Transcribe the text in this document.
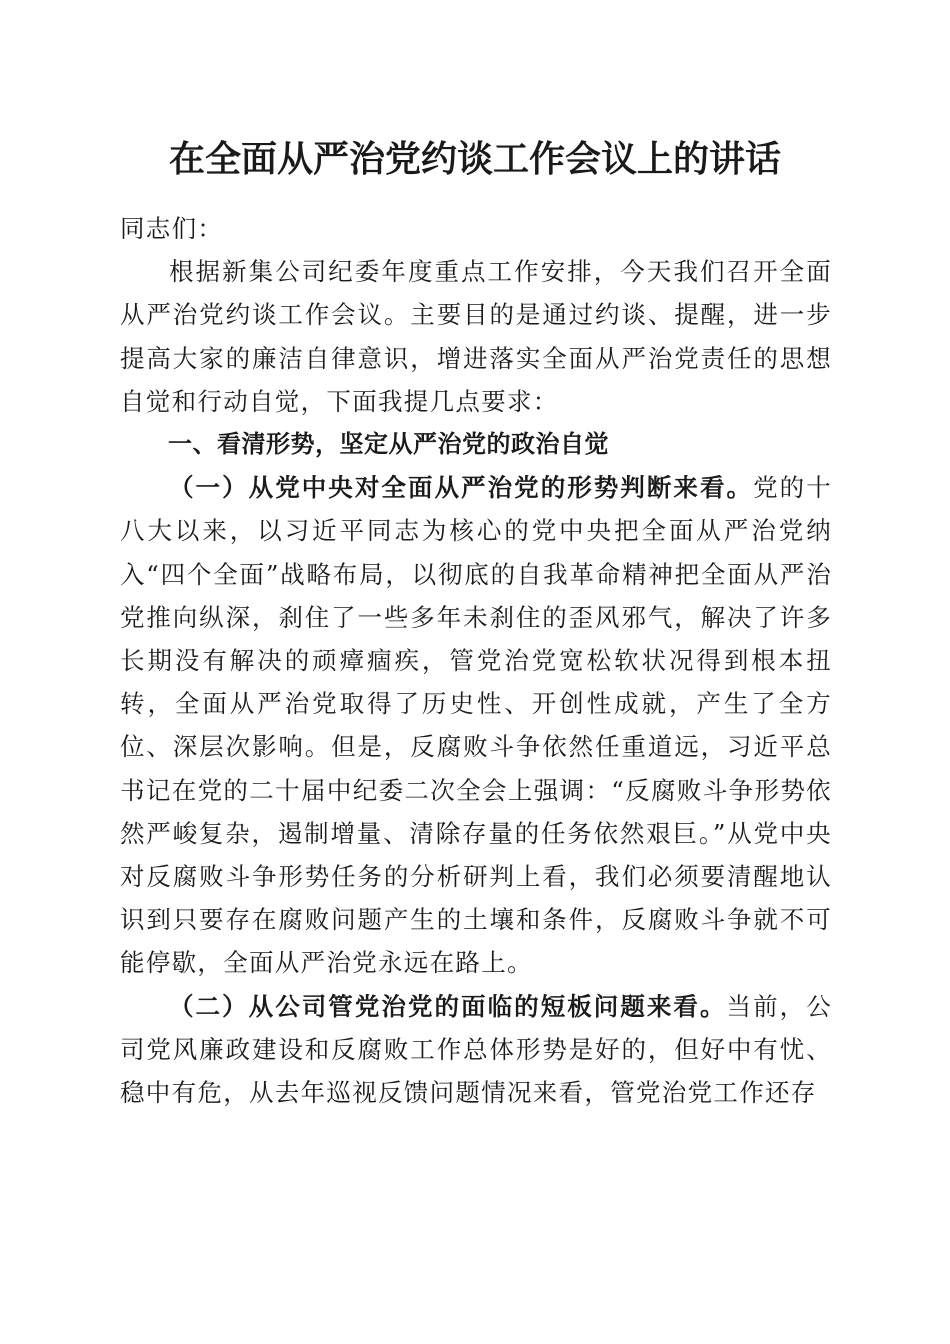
在全面从严治党约谈工作会议上的讲话

同志们：

根据新集公司纪委年度重点工作安排，今天我们召开全面从严治党约谈工作会议。主要目的是通过约谈、提醒，进一步提高大家的廉洁自律意识，增进落实全面从严治党责任的思想自觉和行动自觉，下面我提几点要求：

一、看清形势，坚定从严治党的政治自觉

（一）从党中央对全面从严治党的形势判断来看。党的十八大以来，以习近平同志为核心的党中央把全面从严治党纳入“四个全面”战略布局，以彻底的自我革命精神把全面从严治党推向纵深，刹住了一些多年未刹住的歪风邪气，解决了许多长期没有解决的顽瘴痼疾，管党治党宽松软状况得到根本扭转，全面从严治党取得了历史性、开创性成就，产生了全方位、深层次影响。但是，反腐败斗争依然任重道远，习近平总书记在党的二十届中纪委二次全会上强调：“反腐败斗争形势依然严峻复杂，遏制增量、清除存量的任务依然艰巨。”从党中央对反腐败斗争形势任务的分析研判上看，我们必须要清醒地认识到只要存在腐败问题产生的土壤和条件，反腐败斗争就不可能停歇，全面从严治党永远在路上。

（二）从公司管党治党的面临的短板问题来看。当前，公司党风廉政建设和反腐败工作总体形势是好的，但好中有忧、稳中有危，从去年巡视反馈问题情况来看，管党治党工作还存
